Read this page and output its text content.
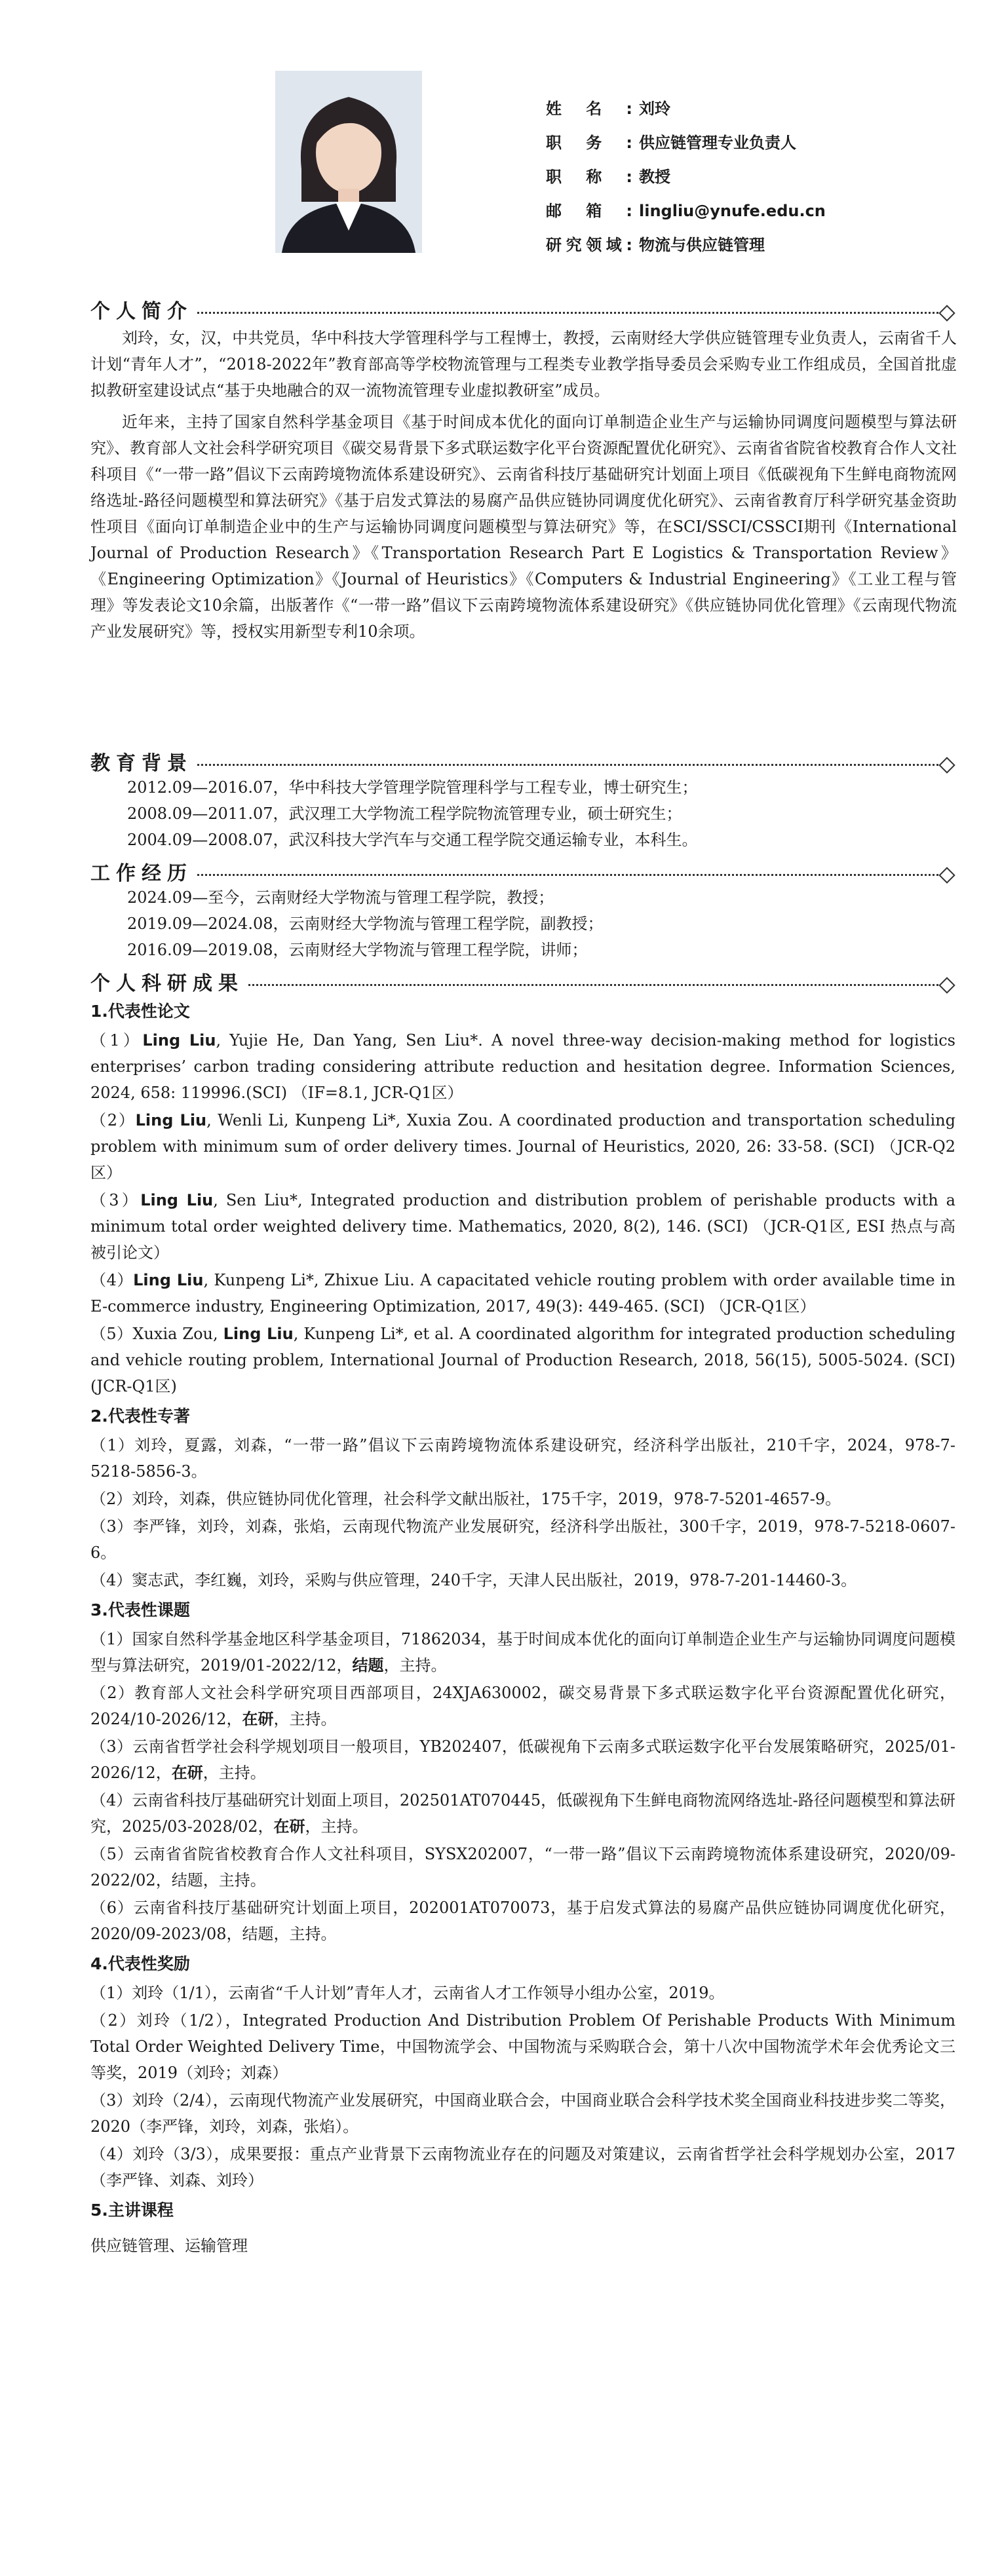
姓名: 刘玲
职务: 供应链管理专业负责人
职称: 教授
邮箱: lingliu@ynufe.edu.cn
研究领域: 物流与供应链管理
个人简介

刘玲，女，汉，中共党员，华中科技大学管理科学与工程博士，教授，云南财经大学供应链管理专业负责人，云南省千人计划“青年人才”，“2018-2022年”教育部高等学校物流管理与工程类专业教学指导委员会采购专业工作组成员，全国首批虚拟教研室建设试点“基于央地融合的双一流物流管理专业虚拟教研室”成员。

近年来，主持了国家自然科学基金项目《基于时间成本优化的面向订单制造企业生产与运输协同调度问题模型与算法研究》、教育部人文社会科学研究项目《碳交易背景下多式联运数字化平台资源配置优化研究》、云南省省院省校教育合作人文社科项目《“一带一路”倡议下云南跨境物流体系建设研究》、云南省科技厅基础研究计划面上项目《低碳视角下生鲜电商物流网络选址-路径问题模型和算法研究》《基于启发式算法的易腐产品供应链协同调度优化研究》、云南省教育厅科学研究基金资助性项目《面向订单制造企业中的生产与运输协同调度问题模型与算法研究》等，在SCI/SSCI/CSSCI期刊《International Journal of Production Research》《Transportation Research Part E Logistics & Transportation Review》《Engineering Optimization》《Journal of Heuristics》《Computers & Industrial Engineering》《工业工程与管理》等发表论文10余篇，出版著作《“一带一路”倡议下云南跨境物流体系建设研究》《供应链协同优化管理》《云南现代物流产业发展研究》等，授权实用新型专利10余项。

教育背景

2012.09—2016.07，华中科技大学管理学院管理科学与工程专业，博士研究生；

2008.09—2011.07，武汉理工大学物流工程学院物流管理专业，硕士研究生；

2004.09—2008.07，武汉科技大学汽车与交通工程学院交通运输专业，本科生。

工作经历

2024.09—至今，云南财经大学物流与管理工程学院，教授；

2019.09—2024.08，云南财经大学物流与管理工程学院，副教授；

2016.09—2019.08，云南财经大学物流与管理工程学院，讲师；

个人科研成果
1.代表性论文

（1）Ling Liu, Yujie He, Dan Yang, Sen Liu*. A novel three-way decision-making method for logistics enterprises’ carbon trading considering attribute reduction and hesitation degree. Information Sciences, 2024, 658: 119996.(SCI) （IF=8.1, JCR-Q1区）

（2）Ling Liu, Wenli Li, Kunpeng Li*, Xuxia Zou. A coordinated production and transportation scheduling problem with minimum sum of order delivery times. Journal of Heuristics, 2020, 26: 33-58. (SCI) （JCR-Q2区）

（3）Ling Liu, Sen Liu*, Integrated production and distribution problem of perishable products with a minimum total order weighted delivery time. Mathematics, 2020, 8(2), 146. (SCI) （JCR-Q1区, ESI 热点与高被引论文）

（4）Ling Liu, Kunpeng Li*, Zhixue Liu. A capacitated vehicle routing problem with order available time in E-commerce industry, Engineering Optimization, 2017, 49(3): 449-465. (SCI) （JCR-Q1区）

（5）Xuxia Zou, Ling Liu, Kunpeng Li*, et al. A coordinated algorithm for integrated production scheduling and vehicle routing problem, International Journal of Production Research, 2018, 56(15), 5005-5024. (SCI) (JCR-Q1区)

2.代表性专著

（1）刘玲，夏露，刘森，“一带一路”倡议下云南跨境物流体系建设研究，经济科学出版社，210千字，2024，978-7-5218-5856-3。

（2）刘玲，刘森，供应链协同优化管理，社会科学文献出版社，175千字，2019，978-7-5201-4657-9。

（3）李严锋，刘玲，刘森，张焰，云南现代物流产业发展研究，经济科学出版社，300千字，2019，978-7-5218-0607-6。

（4）窦志武，李红巍，刘玲，采购与供应管理，240千字，天津人民出版社，2019，978-7-201-14460-3。

3.代表性课题

（1）国家自然科学基金地区科学基金项目，71862034，基于时间成本优化的面向订单制造企业生产与运输协同调度问题模型与算法研究，2019/01-2022/12，结题，主持。

（2）教育部人文社会科学研究项目西部项目，24XJA630002，碳交易背景下多式联运数字化平台资源配置优化研究，2024/10-2026/12，在研，主持。

（3）云南省哲学社会科学规划项目一般项目，YB202407，低碳视角下云南多式联运数字化平台发展策略研究，2025/01-2026/12，在研，主持。

（4）云南省科技厅基础研究计划面上项目，202501AT070445，低碳视角下生鲜电商物流网络选址-路径问题模型和算法研究，2025/03-2028/02，在研，主持。

（5）云南省省院省校教育合作人文社科项目，SYSX202007，“一带一路”倡议下云南跨境物流体系建设研究，2020/09-2022/02，结题，主持。

（6）云南省科技厅基础研究计划面上项目，202001AT070073，基于启发式算法的易腐产品供应链协同调度优化研究，2020/09-2023/08，结题，主持。

4.代表性奖励

（1）刘玲（1/1），云南省“千人计划”青年人才，云南省人才工作领导小组办公室，2019。

（2）刘玲（1/2），Integrated Production And Distribution Problem Of Perishable Products With Minimum Total Order Weighted Delivery Time，中国物流学会、中国物流与采购联合会，第十八次中国物流学术年会优秀论文三等奖，2019（刘玲；刘森）

（3）刘玲（2/4），云南现代物流产业发展研究，中国商业联合会，中国商业联合会科学技术奖全国商业科技进步奖二等奖，2020（李严锋，刘玲，刘森，张焰）。

（4）刘玲（3/3），成果要报：重点产业背景下云南物流业存在的问题及对策建议，云南省哲学社会科学规划办公室，2017（李严锋、刘森、刘玲）

5.主讲课程
供应链管理、运输管理
